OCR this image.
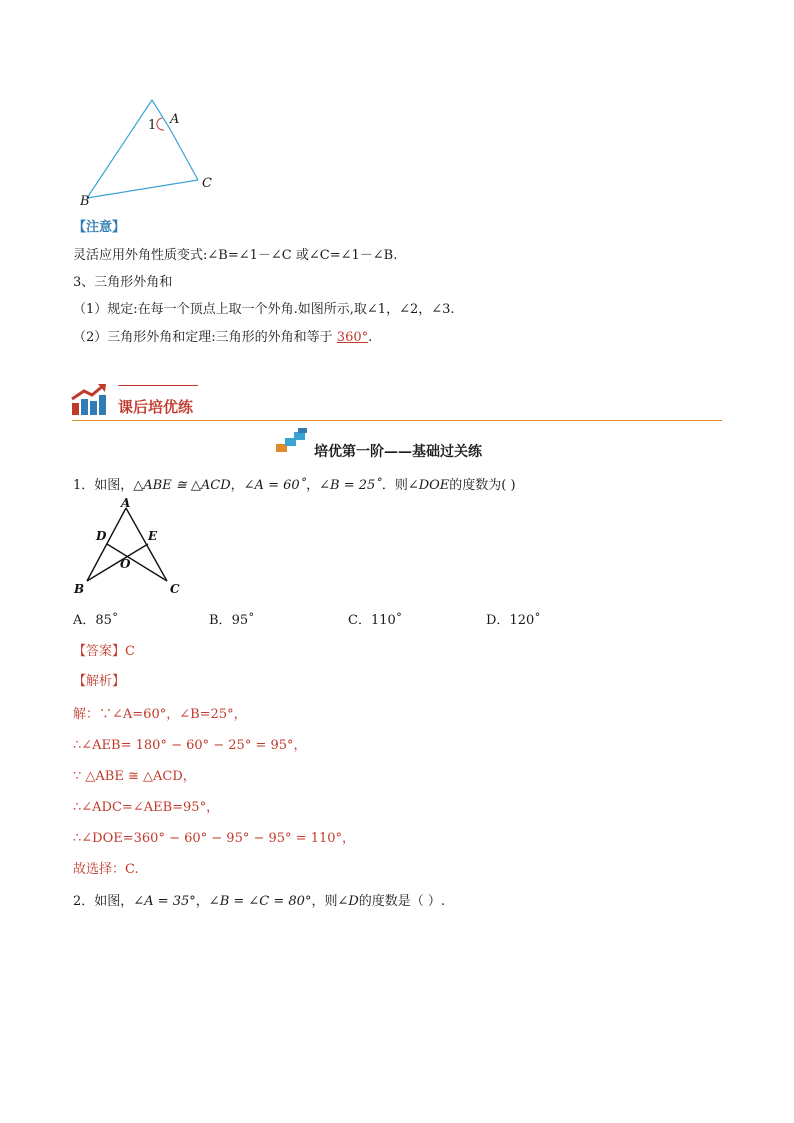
1 A
B
C
【注意】
灵活应用外角性质变式:∠B=∠1－∠C 或∠C=∠1－∠B.
3、三角形外角和
（1）规定:在每一个顶点上取一个外角.如图所示,取∠1，∠2，∠3.
（2）三角形外角和定理:三角形的外角和等于 360°.
课后培优练
培优第一阶——基础过关练
1．如图，△ABE ≅ △ACD，∠A = 60˚，∠B = 25˚．则∠DOE的度数为( )
A
D	E
O
B	C
A．85˚	B．95˚	C．110˚	D．120˚
【答案】C
【解析】
解：∵∠A=60°，∠B=25°，
∴∠AEB= 180° − 60° − 25° = 95°，
∵ △ABE ≅ △ACD，
∴∠ADC=∠AEB=95°，
∴∠DOE=360° − 60° − 95° − 95° = 110°，
故选择：C.
2．如图，∠A = 35°，∠B = ∠C = 80°，则∠D的度数是（ ）.
